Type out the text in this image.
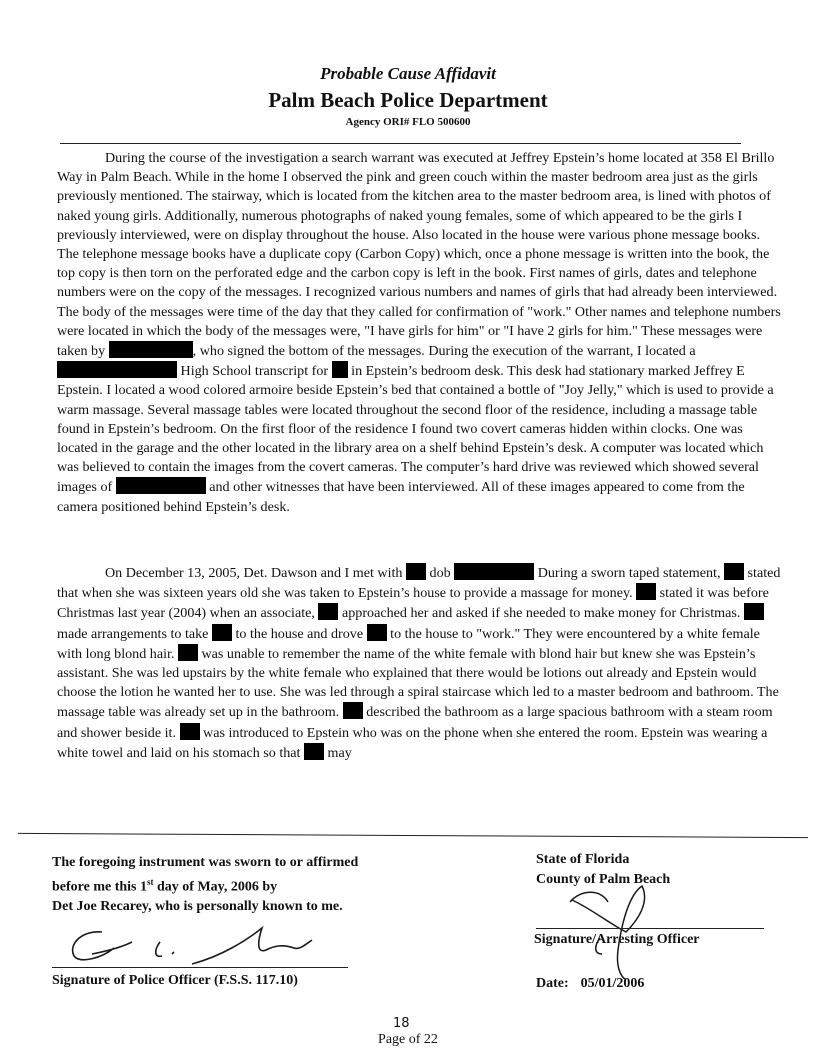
Probable Cause Affidavit
Palm Beach Police Department
Agency ORI# FLO 500600

During the course of the investigation a search warrant was executed at Jeffrey Epstein’s home located at 358 El Brillo Way in Palm Beach. While in the home I observed the pink and green couch within the master bedroom area just as the girls previously mentioned. The stairway, which is located from the kitchen area to the master bedroom area, is lined with photos of naked young girls. Additionally, numerous photographs of naked young females, some of which appeared to be the girls I previously interviewed, were on display throughout the house. Also located in the house were various phone message books. The telephone message books have a duplicate copy (Carbon Copy) which, once a phone message is written into the book, the top copy is then torn on the perforated edge and the carbon copy is left in the book. First names of girls, dates and telephone numbers were on the copy of the messages. I recognized various numbers and names of girls that had already been interviewed. The body of the messages were time of the day that they called for confirmation of "work." Other names and telephone numbers were located in which the body of the messages were, "I have girls for him" or "I have 2 girls for him." These messages were taken by	, who signed the bottom of the messages. During the execution of the warrant, I located a  High School transcript for  in Epstein’s bedroom desk. This desk had stationary marked Jeffrey E Epstein. I located a wood colored armoire beside Epstein’s bed that contained a bottle of "Joy Jelly," which is used to provide a warm massage. Several massage tables were located throughout the second floor of the residence, including a massage table found in Epstein’s bedroom. On the first floor of the residence I found two covert cameras hidden within clocks. One was located in the garage and the other located in the library area on a shelf behind Epstein’s desk. A computer was located which was believed to contain the images from the covert cameras. The computer’s hard drive was reviewed which showed several images of	and other witnesses that have been interviewed. All of these images appeared to come from the camera positioned behind Epstein’s desk.

On December 13, 2005, Det. Dawson and I met with  dob	During a sworn taped statement,  stated that when she was sixteen years old she was taken to Epstein’s house to provide a massage for money.  stated it was before Christmas last year (2004) when an associate,  approached her and asked if she needed to make money for Christmas.  made arrangements to take  to the house and drove  to the house to "work." They were encountered by a white female with long blond hair.  was unable to remember the name of the white female with blond hair but knew she was Epstein’s assistant. She was led upstairs by the white female who explained that there would be lotions out already and Epstein would choose the lotion he wanted her to use. She was led through a spiral staircase which led to a master bedroom and bathroom. The massage table was already set up in the bathroom.  described the bathroom as a large spacious bathroom with a steam room and shower beside it.  was introduced to Epstein who was on the phone when she entered the room. Epstein was wearing a white towel and laid on his stomach so that  may

The foregoing instrument was sworn to or affirmed
before me this 1st day of May, 2006 by
Det Joe Recarey, who is personally known to me.
Signature of Police Officer (F.S.S. 117.10)
State of Florida
County of Palm Beach
Signature/Arresting Officer
Date: 05/01/2006
18
Page of 22
